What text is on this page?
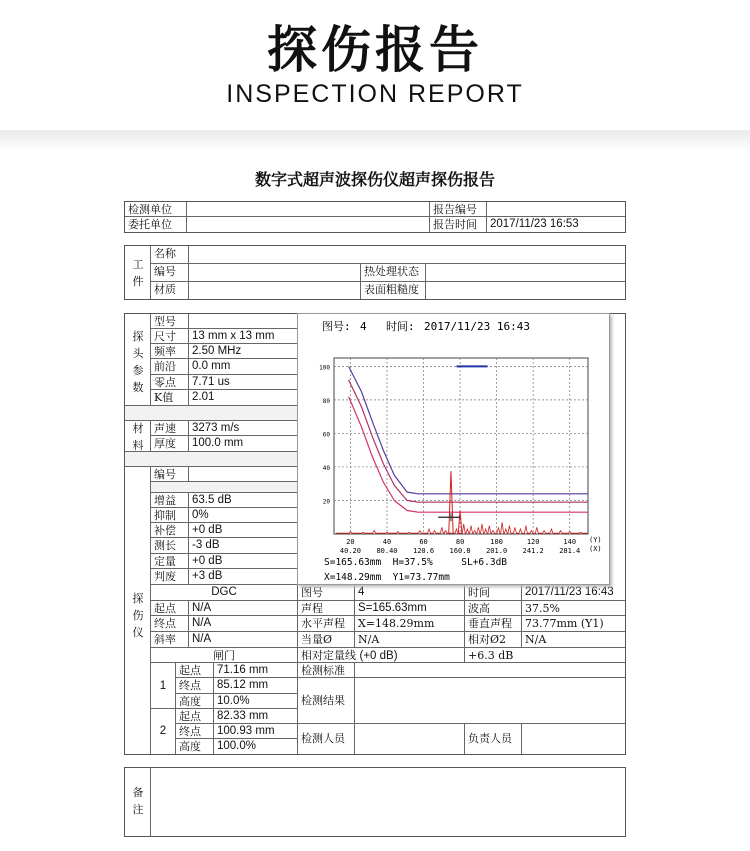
探伤报告
INSPECTION REPORT
数字式超声波探伤仪超声探伤报告
检测单位	报告编号
委托单位	报告时间	2017/11/23 16:53
工件
名称
编号	热处理状态
材质	表面粗糙度
探头参数
型号
尺寸	13 mm x 13 mm
频率	2.50 MHz
前沿	0.0 mm
零点	7.71 us
K值	2.01
材料
声速	3273 m/s
厚度	100.0 mm
探伤仪
编号
增益	63.5 dB
抑制	0%
补偿	+0 dB
测长	-3 dB
定量	+0 dB
判废	+3 dB
DGC
起点	N/A
终点	N/A
斜率	N/A
闸门
1
起点	71.16 mm
终点	85.12 mm
高度	10.0%
2
起点	82.33 mm
终点	100.93 mm
高度	100.0%
图号	4	时间	2017/11/23 16:43
声程	S=165.63mm	波高	37.5%
水平声程	X=148.29mm	垂直声程	73.77mm (Y1)
当量Ø	N/A	相对Ø2	N/A
相对定量线 (+0 dB)	+6.3 dB
检测标准
检测结果
检测人员	负责人员
图号: 4 时间: 2017/11/23 16:43
20
40
60
80
100
20
40.20
40
80.40
60
120.6
80
160.8
100
201.0
120
241.2
140
281.4
(Y)
(X)
S=165.63mm  H=37.5%     SL+6.3dB
X=148.29mm  Y1=73.77mm
备注
